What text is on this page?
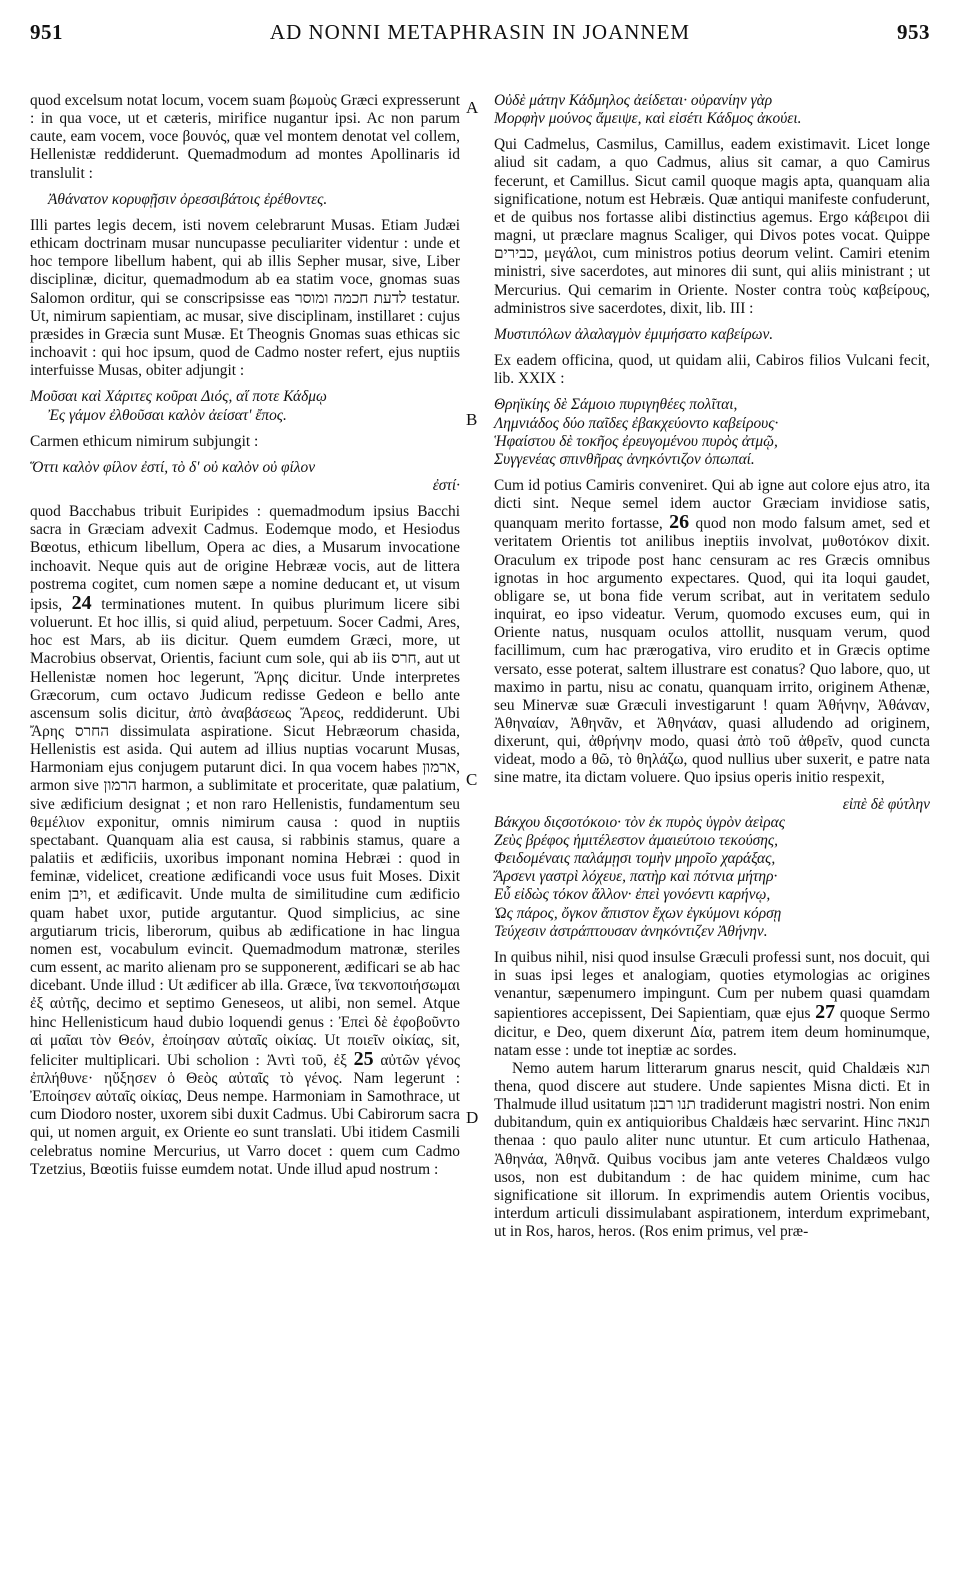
951	AD NONNI METAPHRASIN IN JOANNEM	953
A
B
C
D

quod excelsum notat locum, vocem suam βωμοὺς Græci expresserunt : in qua voce, ut et cæteris, mirifice nugantur ipsi. Ac non parum caute, eam vocem, voce βουνός, quæ vel montem denotat vel collem, Hellenistæ reddiderunt. Quemadmodum ad montes Apollinaris id translulit :

Ἀθάνατον κορυφῇσιν ὀρεσσιβάτοις ἐρέθοντες.

Illi partes legis decem, isti novem celebrarunt Musas. Etiam Judæi ethicam doctrinam musar nuncupasse peculiariter videntur : unde et hoc tempore libellum habent, qui ab illis Sepher musar, sive, Liber disciplinæ, dicitur, quemadmodum ab ea statim voce, gnomas suas Salomon orditur, qui se conscripsisse eas לדעת חכמה ומוסר testatur. Ut, nimirum sapientiam, ac musar, sive disciplinam, instillaret : cujus præsides in Græcia sunt Musæ. Et Theognis Gnomas suas ethicas sic inchoavit : qui hoc ipsum, quod de Cadmo noster refert, ejus nuptiis interfuisse Musas, obiter adjungit :

Μοῦσαι καὶ Χάριτες κοῦραι Διός, αἵ ποτε Κάδμῳ
Ἐς γάμον ἐλθοῦσαι καλὸν ἀείσατ' ἔπος.

Carmen ethicum nimirum subjungit :

Ὅττι καλὸν φίλον ἐστί, τὸ δ' οὐ καλὸν οὐ φίλον
ἐστί·

quod Bacchabus tribuit Euripides : quemadmodum ipsius Bacchi sacra in Græciam advexit Cadmus. Eodemque modo, et Hesiodus Bœotus, ethicum libellum, Opera ac dies, a Musarum invocatione inchoavit. Neque quis aut de origine Hebrææ vocis, aut de littera postrema cogitet, cum nomen sæpe a nomine deducant et, ut visum ipsis, 24 terminationes mutent. In quibus plurimum licere sibi voluerunt. Et hoc illis, si quid aliud, perpetuum. Socer Cadmi, Ares, hoc est Mars, ab iis dicitur. Quem eumdem Græci, more, ut Macrobius observat, Orientis, faciunt cum sole, qui ab iis חרס, aut ut Hellenistæ nomen hoc legerunt, Ἄρης dicitur. Unde interpretes Græcorum, cum octavo Judicum redisse Gedeon e bello ante ascensum solis dicitur, ἀπὸ ἀναβάσεως Ἄρεος, reddiderunt. Ubi Ἄρης החרס dissimulata aspiratione. Sicut Hebræorum chasida, Hellenistis est asida. Qui autem ad illius nuptias vocarunt Musas, Harmoniam ejus conjugem putarunt dici. In qua vocem habes ארמון, armon sive הרמון harmon, a sublimitate et proceritate, quæ palatium, sive ædificium designat ; et non raro Hellenistis, fundamentum seu θεμέλιον exponitur, omnis nimirum causa : quod in nuptiis spectabant. Quanquam alia est causa, si rabbinis stamus, quare a palatiis et ædificiis, uxoribus imponant nomina Hebræi : quod in feminæ, videlicet, creatione ædificandi voce usus fuit Moses. Dixit enim ויבן, et ædificavit. Unde multa de similitudine cum ædificio quam habet uxor, putide argutantur. Quod simplicius, ac sine argutiarum tricis, liberorum, quibus ab ædificatione in hac lingua nomen est, vocabulum evincit. Quemadmodum matronæ, steriles cum essent, ac marito alienam pro se supponerent, ædificari se ab hac dicebant. Unde illud : Ut ædificer ab illa. Græce, ἵνα τεκνοποιήσωμαι ἐξ αὐτῆς, decimo et septimo Geneseos, ut alibi, non semel. Atque hinc Hellenisticum haud dubio loquendi genus : Ἐπεὶ δὲ ἐφοβοῦντο αἱ μαῖαι τὸν Θεόν, ἐποίησαν αὐταῖς οἰκίας. Ut ποιεῖν οἰκίας, sit, feliciter multiplicari. Ubi scholion : Ἀντὶ τοῦ, ἐξ 25 αὐτῶν γένος ἐπλήθυνε· ηὔξησεν ὁ Θεὸς αὐταῖς τὸ γένος. Nam legerunt : Ἐποίησεν αὐταῖς οἰκίας, Deus nempe. Harmoniam in Samothrace, ut cum Diodoro noster, uxorem sibi duxit Cadmus. Ubi Cabirorum sacra qui, ut nomen arguit, ex Oriente eo sunt translati. Ubi itidem Casmili celebratus nomine Mercurius, ut Varro docet : quem cum Cadmo Tzetzius, Bœotiis fuisse eumdem notat. Unde illud apud nostrum :

Οὐδὲ μάτην Κάδμηλος ἀείδεται· οὐρανίην γὰρ
Μορφὴν μούνος ἄμειψε, καὶ εἰσέτι Κάδμος ἀκούει.

Qui Cadmelus, Casmilus, Camillus, eadem existimavit. Licet longe aliud sit cadam, a quo Cadmus, alius sit camar, a quo Camirus fecerunt, et Camillus. Sicut camil quoque magis apta, quanquam alia significatione, notum est Hebræis. Quæ antiqui manifeste confuderunt, et de quibus nos fortasse alibi distinctius agemus. Ergo κάβειροι dii magni, ut præclare magnus Scaliger, qui Divos potes vocat. Quippe כבירים, μεγάλοι, cum ministros potius deorum velint. Camiri etenim ministri, sive sacerdotes, aut minores dii sunt, qui aliis ministrant ; ut Mercurius. Qui cemarim in Oriente. Noster contra τοὺς καβείρους, administros sive sacerdotes, dixit, lib. III :

Μυστιπόλων ἀλαλαγμὸν ἐμιμήσατο καβείρων.

Ex eadem officina, quod, ut quidam alii, Cabiros filios Vulcani fecit, lib. XXIX :

Θρηϊκίης δὲ Σάμοιο πυριγηθέες πολῖται,
Λημνιάδος δύο παῖδες ἐβακχεύοντο καβείρους·
Ἡφαίστου δὲ τοκῆος ἐρευγομένου πυρὸς ἀτμῷ,
Συγγενέας σπινθῆρας ἀνηκόντιζον ὀπωπαί.

Cum id potius Camiris conveniret. Qui ab igne aut colore ejus atro, ita dicti sint. Neque semel idem auctor Græciam invidiose satis, quanquam merito fortasse, 26 quod non modo falsum amet, sed et veritatem Orientis tot anilibus ineptiis involvat, μυθοτόκον dixit. Oraculum ex tripode post hanc censuram ac res Græcis omnibus ignotas in hoc argumento expectares. Quod, qui ita loqui gaudet, obligare se, ut bona fide verum scribat, aut in veritatem sedulo inquirat, eo ipso videatur. Verum, quomodo excuses eum, qui in Oriente natus, nusquam oculos attollit, nusquam verum, quod facillimum, cum hac prærogativa, viro erudito et in Græcis optime versato, esse poterat, saltem illustrare est conatus? Quo labore, quo, ut maximo in partu, nisu ac conatu, quanquam irrito, originem Athenæ, seu Minervæ suæ Græculi investigarunt ! quam Ἀθήνην, Ἀθάναν, Ἀθηναίαν, Ἀθηνᾶν, et Ἀθηνάαν, quasi alludendo ad originem, dixerunt, qui, ἀθρήνην modo, quasi ἀπὸ τοῦ ἀθρεῖν, quod cuncta videat, modo a θῶ, τὸ θηλάζω, quod nullius uber suxerit, e patre nata sine matre, ita dictam voluere. Quo ipsius operis initio respexit,

εἰπὲ δὲ φύτλην
Βάκχου διςσοτόκοιο· τὸν ἐκ πυρὸς ὑγρὸν ἀεὶρας
Ζεὺς βρέφος ἡμιτέλεστον ἀμαιεύτοιο τεκούσης,
Φειδομέναις παλάμῃσι τομὴν μηροῖο χαράξας,
Ἄρσενι γαστρὶ λόχευε, πατὴρ καὶ πότνια μήτηρ·
Εὖ εἰδὼς τόκον ἄλλον· ἐπεὶ γονόεντι καρήνῳ,
Ὡς πάρος, ὄγκον ἄπιστον ἔχων ἐγκύμονι κόρσῃ
Τεύχεσιν ἀστράπτουσαν ἀνηκόντιζεν Ἀθήνην.

In quibus nihil, nisi quod insulse Græculi professi sunt, nos docuit, qui in suas ipsi leges et analogiam, quoties etymologias ac origines venantur, sæpenumero impingunt. Cum per nubem quasi quamdam sapientiores accepissent, Dei Sapientiam, quæ ejus 27 quoque Sermo dicitur, e Deo, quem dixerunt Δία, patrem item deum hominumque, natam esse : unde tot ineptiæ ac sordes.

Nemo autem harum litterarum gnarus nescit, quid Chaldæis תנא thena, quod discere aut studere. Unde sapientes Misna dicti. Et in Thalmude illud usitatum תנו רבנן tradiderunt magistri nostri. Non enim dubitandum, quin ex antiquioribus Chaldæis hæc servarint. Hinc תנאה thenaa : quo paulo aliter nunc utuntur. Et cum articulo Hathenaa, Ἀθηνάα, Ἀθηνᾶ. Quibus vocibus jam ante veteres Chaldæos vulgo usos, non est dubitandum : de hac quidem minime, cum hac significatione sit illorum. In exprimendis autem Orientis vocibus, interdum articuli dissimulabant aspirationem, interdum exprimebant, ut in Ros, haros, heros. (Ros enim primus, vel præ-
